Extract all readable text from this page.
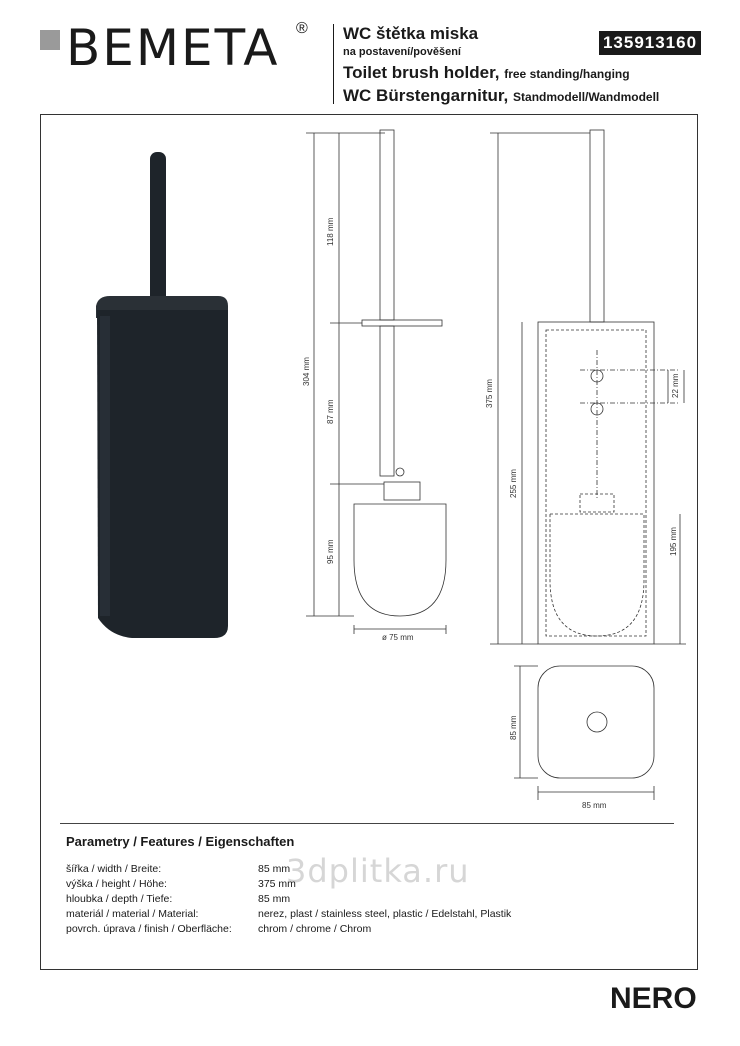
BEMETA ® WC štětka miska
na postavení/pověšení
Toilet brush holder, free standing/hanging
WC Bürstengarnitur, Standmodell/Wandmodell
135913160
118 mm
304 mm
87 mm
95 mm
ø 75 mm
375 mm
255 mm
22 mm
195 mm
85 mm
85 mm
Parametry / Features / Eigenschaften
3dplitka.ru
šířka / width / Breite:	85 mm
výška / height / Höhe:	375 mm
hloubka / depth / Tiefe:	85 mm
materiál / material / Material:	nerez, plast / stainless steel, plastic / Edelstahl, Plastik
povrch. úprava / finish / Oberfläche:	chrom / chrome / Chrom
NERO
